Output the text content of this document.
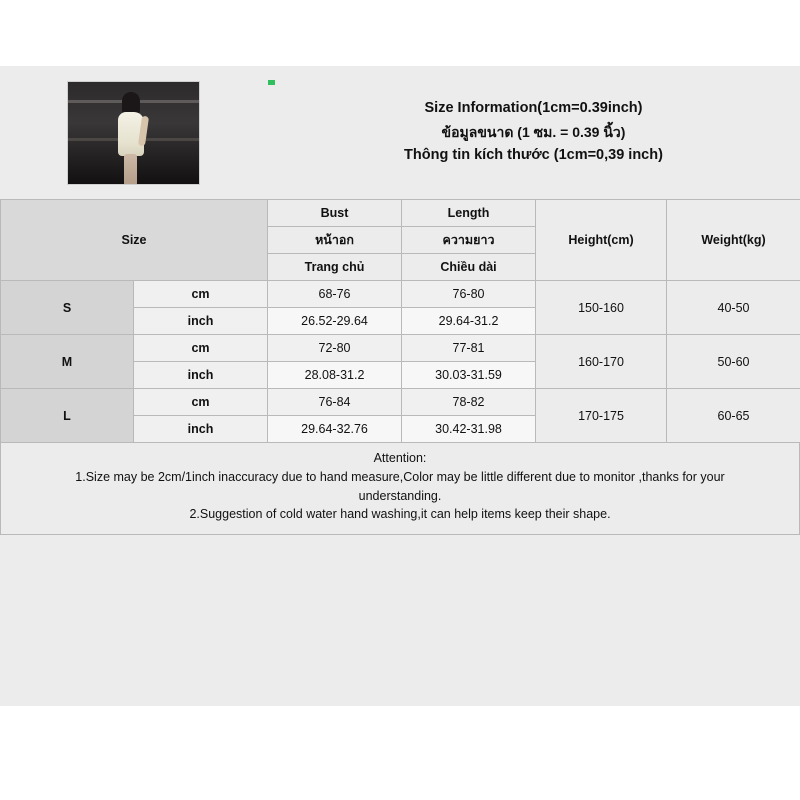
Size Information(1cm=0.39inch)
ข้อมูลขนาด (1 ซม. = 0.39 นิ้ว)
Thông tin kích thước (1cm=0,39 inch)
Size		Bust	Length	Height(cm)	Weight(kg)
		หน้าอก	ความยาว		
		Trang chủ	Chiều dài		
S	cm	68-76	76-80	150-160	40-50
	inch	26.52-29.64	29.64-31.2		
M	cm	72-80	77-81	160-170	50-60
	inch	28.08-31.2	30.03-31.59		
L	cm	76-84	78-82	170-175	60-65
	inch	29.64-32.76	30.42-31.98		

Attention:

1.Size may be 2cm/1inch inaccuracy due to hand measure,Color may be little different due to monitor ,thanks for your

understanding.

2.Suggestion of cold water hand washing,it can help items keep their shape.
